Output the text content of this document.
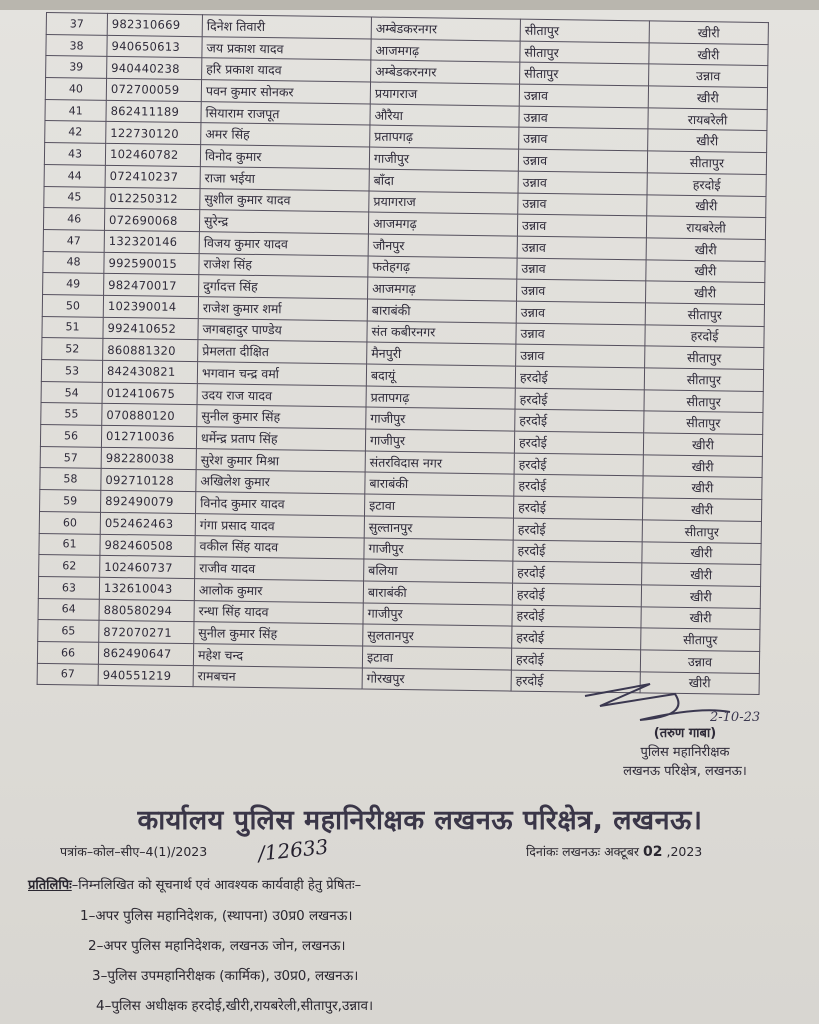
37	982310669	दिनेश तिवारी	अम्बेडकरनगर	सीतापुर	खीरी
38	940650613	जय प्रकाश यादव	आजमगढ़	सीतापुर	खीरी
39	940440238	हरि प्रकाश यादव	अम्बेडकरनगर	सीतापुर	उन्नाव
40	072700059	पवन कुमार सोनकर	प्रयागराज	उन्नाव	खीरी
41	862411189	सियाराम राजपूत	औरैया	उन्नाव	रायबरेली
42	122730120	अमर सिंह	प्रतापगढ़	उन्नाव	खीरी
43	102460782	विनोद कुमार	गाजीपुर	उन्नाव	सीतापुर
44	072410237	राजा भईया	बाँदा	उन्नाव	हरदोई
45	012250312	सुशील कुमार यादव	प्रयागराज	उन्नाव	खीरी
46	072690068	सुरेन्द्र	आजमगढ़	उन्नाव	रायबरेली
47	132320146	विजय कुमार यादव	जौनपुर	उन्नाव	खीरी
48	992590015	राजेश सिंह	फतेहगढ़	उन्नाव	खीरी
49	982470017	दुर्गादत्त सिंह	आजमगढ़	उन्नाव	खीरी
50	102390014	राजेश कुमार शर्मा	बाराबंकी	उन्नाव	सीतापुर
51	992410652	जगबहादुर पाण्डेय	संत कबीरनगर	उन्नाव	हरदोई
52	860881320	प्रेमलता दीक्षित	मैनपुरी	उन्नाव	सीतापुर
53	842430821	भगवान चन्द्र वर्मा	बदायूं	हरदोई	सीतापुर
54	012410675	उदय राज यादव	प्रतापगढ़	हरदोई	सीतापुर
55	070880120	सुनील कुमार सिंह	गाजीपुर	हरदोई	सीतापुर
56	012710036	धर्मेन्द्र प्रताप सिंह	गाजीपुर	हरदोई	खीरी
57	982280038	सुरेश कुमार मिश्रा	संतरविदास नगर	हरदोई	खीरी
58	092710128	अखिलेश कुमार	बाराबंकी	हरदोई	खीरी
59	892490079	विनोद कुमार यादव	इटावा	हरदोई	खीरी
60	052462463	गंगा प्रसाद यादव	सुल्तानपुर	हरदोई	सीतापुर
61	982460508	वकील सिंह यादव	गाजीपुर	हरदोई	खीरी
62	102460737	राजीव यादव	बलिया	हरदोई	खीरी
63	132610043	आलोक कुमार	बाराबंकी	हरदोई	खीरी
64	880580294	रन्धा सिंह यादव	गाजीपुर	हरदोई	खीरी
65	872070271	सुनील कुमार सिंह	सुलतानपुर	हरदोई	सीतापुर
66	862490647	महेश चन्द	इटावा	हरदोई	उन्नाव
67	940551219	रामबचन	गोरखपुर	हरदोई	खीरी
2-10-23
(तरुण गाबा)
पुलिस महानिरीक्षक
लखनऊ परिक्षेत्र, लखनऊ।
कार्यालय पुलिस महानिरीक्षक लखनऊ परिक्षेत्र, लखनऊ।
पत्रांक–कोल–सीए–4(1)/2023 /12633	दिनांकः लखनऊः अक्टूबर 02 ,2023
प्रतिलिपिः–निम्नलिखित को सूचनार्थ एवं आवश्यक कार्यवाही हेतु प्रेषितः–
1–अपर पुलिस महानिदेशक, (स्थापना) उ0प्र0 लखनऊ।
2–अपर पुलिस महानिदेशक, लखनऊ जोन, लखनऊ।
3–पुलिस उपमहानिरीक्षक (कार्मिक), उ0प्र0, लखनऊ।
4–पुलिस अधीक्षक हरदोई,खीरी,रायबरेली,सीतापुर,उन्नाव।
